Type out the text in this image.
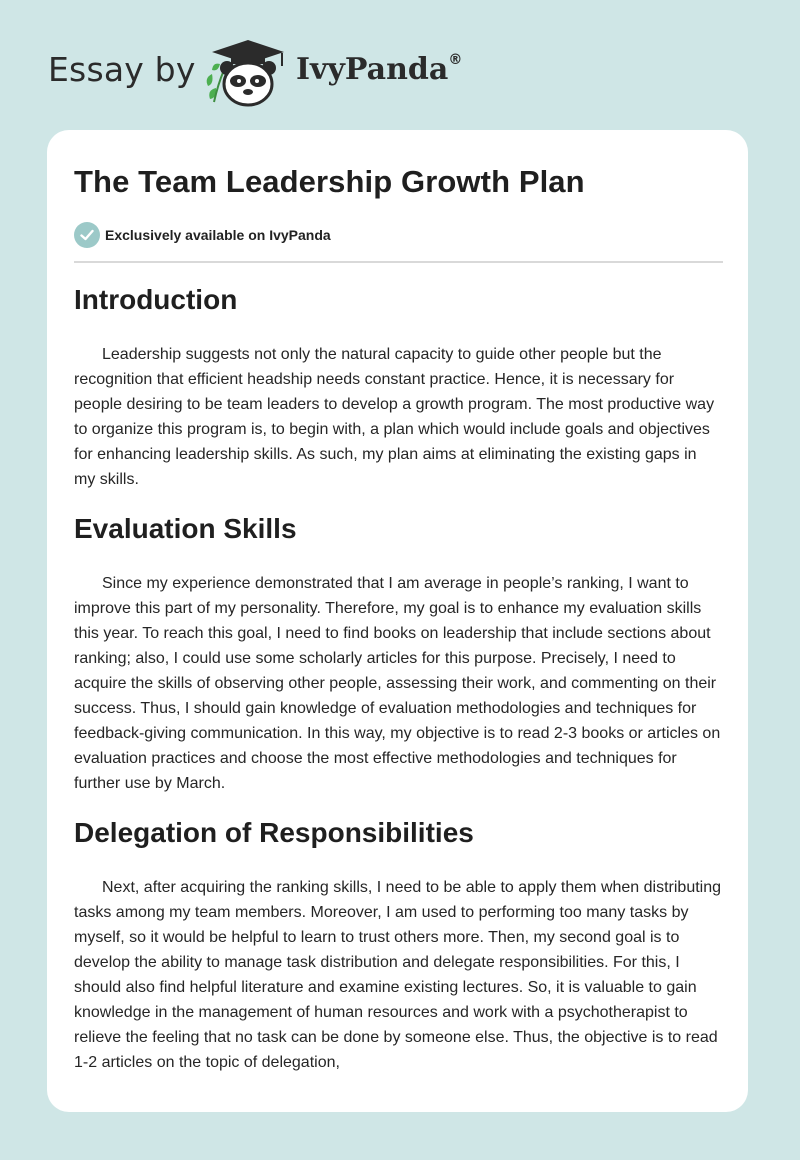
Essay by	IvyPanda®
The Team Leadership Growth Plan
Exclusively available on IvyPanda
Introduction

Leadership suggests not only the natural capacity to guide other people but the recognition that efficient headship needs constant practice. Hence, it is necessary for people desiring to be team leaders to develop a growth program. The most productive way to organize this program is, to begin with, a plan which would include goals and objectives for enhancing leadership skills. As such, my plan aims at eliminating the existing gaps in my skills.

Evaluation Skills

Since my experience demonstrated that I am average in people’s ranking, I want to improve this part of my personality. Therefore, my goal is to enhance my evaluation skills this year. To reach this goal, I need to find books on leadership that include sections about ranking; also, I could use some scholarly articles for this purpose. Precisely, I need to acquire the skills of observing other people, assessing their work, and commenting on their success. Thus, I should gain knowledge of evaluation methodologies and techniques for feedback-giving communication. In this way, my objective is to read 2-3 books or articles on evaluation practices and choose the most effective methodologies and techniques for further use by March.

Delegation of Responsibilities

Next, after acquiring the ranking skills, I need to be able to apply them when distributing tasks among my team members. Moreover, I am used to performing too many tasks by myself, so it would be helpful to learn to trust others more. Then, my second goal is to develop the ability to manage task distribution and delegate responsibilities. For this, I should also find helpful literature and examine existing lectures. So, it is valuable to gain knowledge in the management of human resources and work with a psychotherapist to relieve the feeling that no task can be done by someone else. Thus, the objective is to read 1-2 articles on the topic of delegation,
